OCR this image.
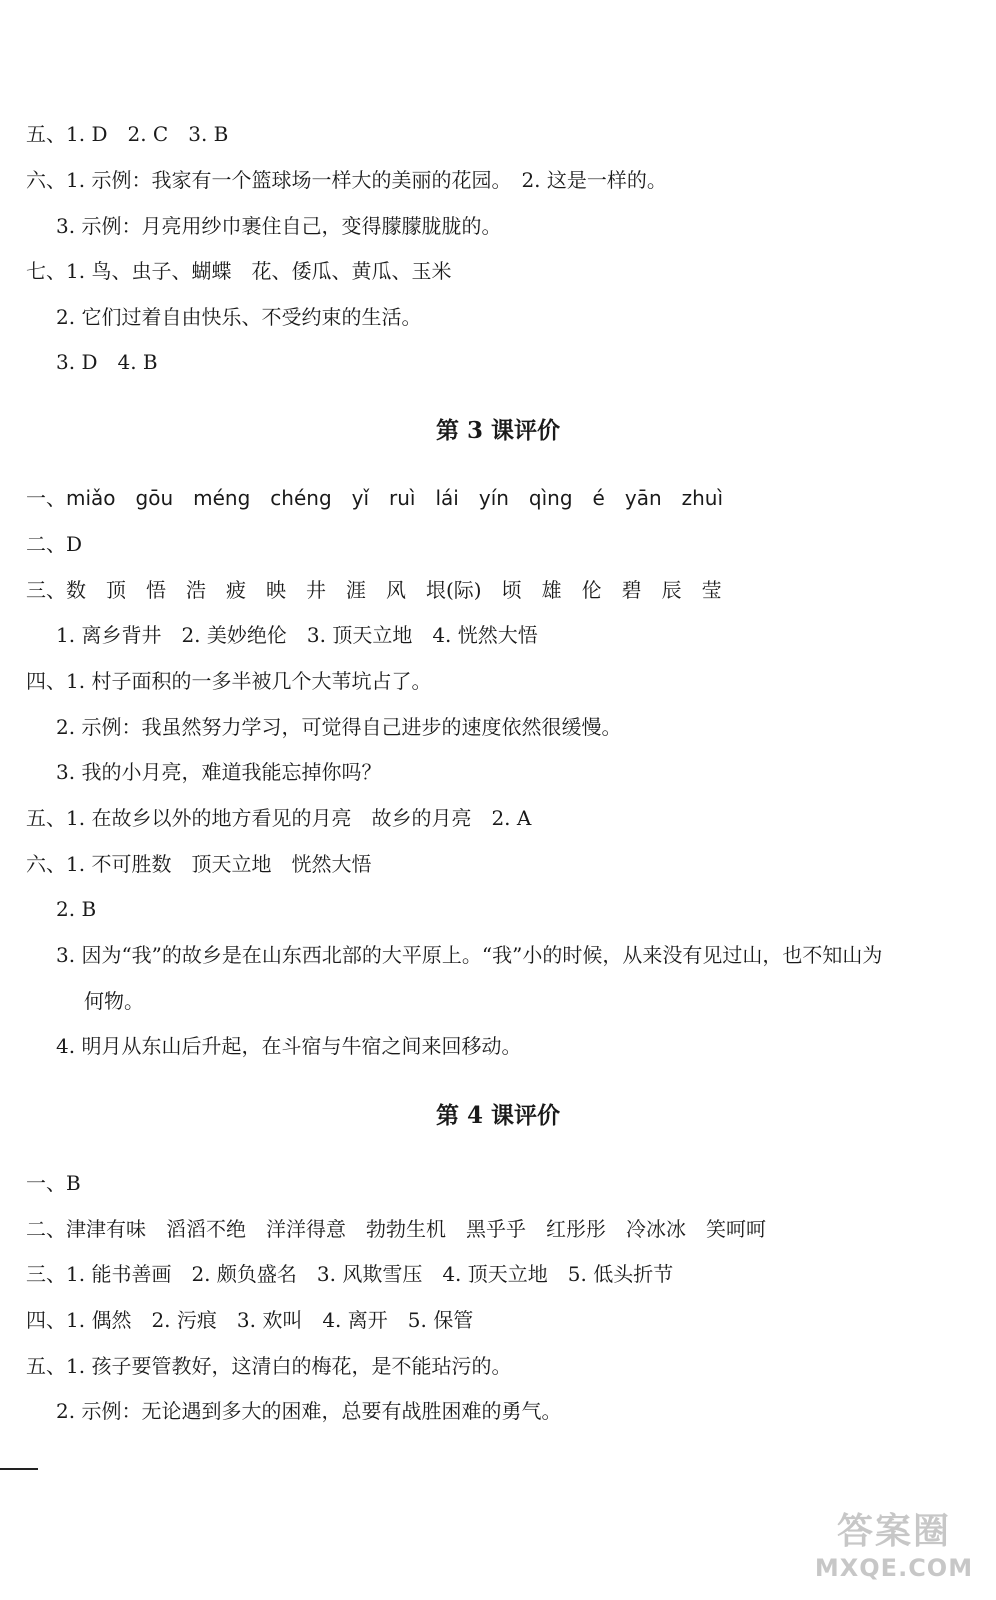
五、1. D　2. C　3. B
六、1. 示例：我家有一个篮球场一样大的美丽的花园。　2. 这是一样的。
3. 示例：月亮用纱巾裹住自己，变得朦朦胧胧的。
七、1. 鸟、虫子、蝴蝶　花、倭瓜、黄瓜、玉米
2. 它们过着自由快乐、不受约束的生活。
3. D　4. B
第 3 课评价
一、miǎo　gōu　méng　chéng　yǐ　ruì　lái　yín　qìng　é　yān　zhuì
二、D
三、数　顶　悟　浩　疲　映　井　涯　风　垠(际)　顷　雄　伦　碧　辰　莹
1. 离乡背井　2. 美妙绝伦　3. 顶天立地　4. 恍然大悟
四、1. 村子面积的一多半被几个大苇坑占了。
2. 示例：我虽然努力学习，可觉得自己进步的速度依然很缓慢。
3. 我的小月亮，难道我能忘掉你吗？
五、1. 在故乡以外的地方看见的月亮　故乡的月亮　2. A
六、1. 不可胜数　顶天立地　恍然大悟
2. B
3. 因为“我”的故乡是在山东西北部的大平原上。“我”小的时候，从来没有见过山，也不知山为
何物。
4. 明月从东山后升起，在斗宿与牛宿之间来回移动。
第 4 课评价
一、B
二、津津有味　滔滔不绝　洋洋得意　勃勃生机　黑乎乎　红彤彤　冷冰冰　笑呵呵
三、1. 能书善画　2. 颇负盛名　3. 风欺雪压　4. 顶天立地　5. 低头折节
四、1. 偶然　2. 污痕　3. 欢叫　4. 离开　5. 保管
五、1. 孩子要管教好，这清白的梅花，是不能玷污的。
2. 示例：无论遇到多大的困难，总要有战胜困难的勇气。
答案圈
MXQE.COM
